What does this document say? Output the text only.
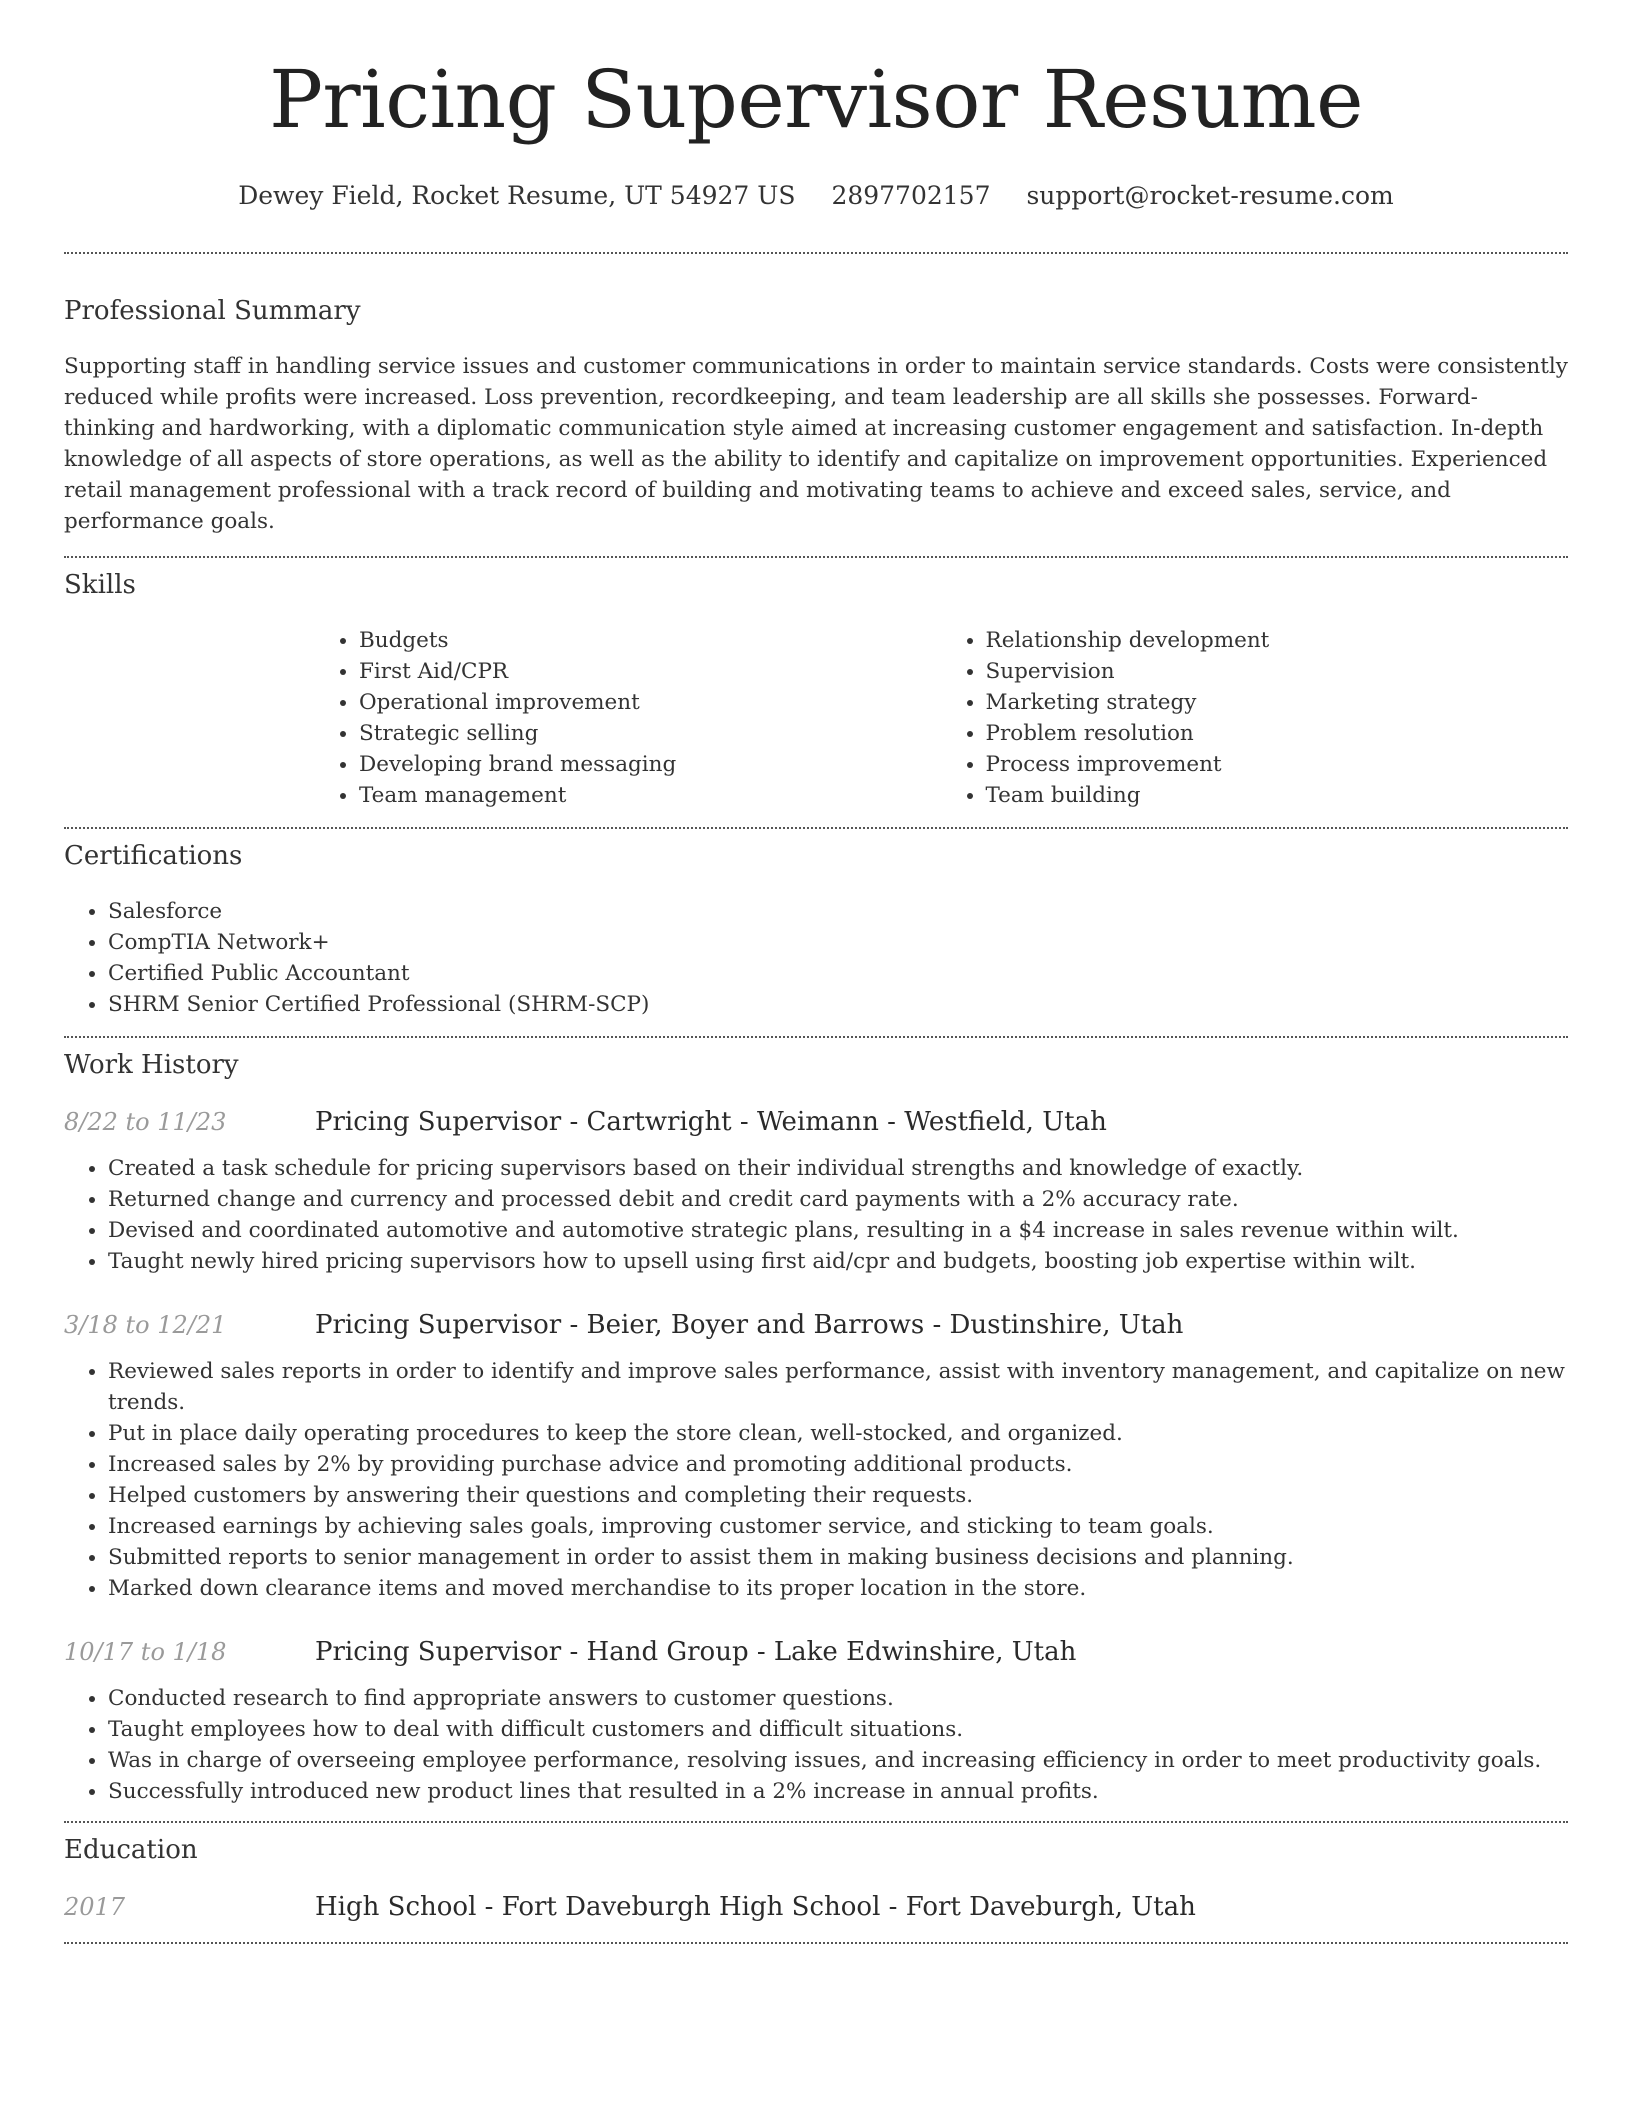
Pricing Supervisor Resume
Dewey Field, Rocket Resume, UT 54927 US 2897702157 support@rocket-resume.com
Professional Summary

Supporting staff in handling service issues and customer communications in order to maintain service standards. Costs were consistently reduced while profits were increased. Loss prevention, recordkeeping, and team leadership are all skills she possesses. Forward-thinking and hardworking, with a diplomatic communication style aimed at increasing customer engagement and satisfaction. In-depth knowledge of all aspects of store operations, as well as the ability to identify and capitalize on improvement opportunities. Experienced retail management professional with a track record of building and motivating teams to achieve and exceed sales, service, and performance goals.

Skills
• Budgets
• First Aid/CPR
• Operational improvement
• Strategic selling
• Developing brand messaging
• Team management
• Relationship development
• Supervision
• Marketing strategy
• Problem resolution
• Process improvement
• Team building
Certifications
• Salesforce
• CompTIA Network+
• Certified Public Accountant
• SHRM Senior Certified Professional (SHRM-SCP)
Work History
8/22 to 11/23	Pricing Supervisor - Cartwright - Weimann - Westfield, Utah
• Created a task schedule for pricing supervisors based on their individual strengths and knowledge of exactly.
• Returned change and currency and processed debit and credit card payments with a 2% accuracy rate.
• Devised and coordinated automotive and automotive strategic plans, resulting in a $4 increase in sales revenue within wilt.
• Taught newly hired pricing supervisors how to upsell using first aid/cpr and budgets, boosting job expertise within wilt.
3/18 to 12/21	Pricing Supervisor - Beier, Boyer and Barrows - Dustinshire, Utah
• Reviewed sales reports in order to identify and improve sales performance, assist with inventory management, and capitalize on new trends.
• Put in place daily operating procedures to keep the store clean, well-stocked, and organized.
• Increased sales by 2% by providing purchase advice and promoting additional products.
• Helped customers by answering their questions and completing their requests.
• Increased earnings by achieving sales goals, improving customer service, and sticking to team goals.
• Submitted reports to senior management in order to assist them in making business decisions and planning.
• Marked down clearance items and moved merchandise to its proper location in the store.
10/17 to 1/18	Pricing Supervisor - Hand Group - Lake Edwinshire, Utah
• Conducted research to find appropriate answers to customer questions.
• Taught employees how to deal with difficult customers and difficult situations.
• Was in charge of overseeing employee performance, resolving issues, and increasing efficiency in order to meet productivity goals.
• Successfully introduced new product lines that resulted in a 2% increase in annual profits.
Education
2017	High School - Fort Daveburgh High School - Fort Daveburgh, Utah
